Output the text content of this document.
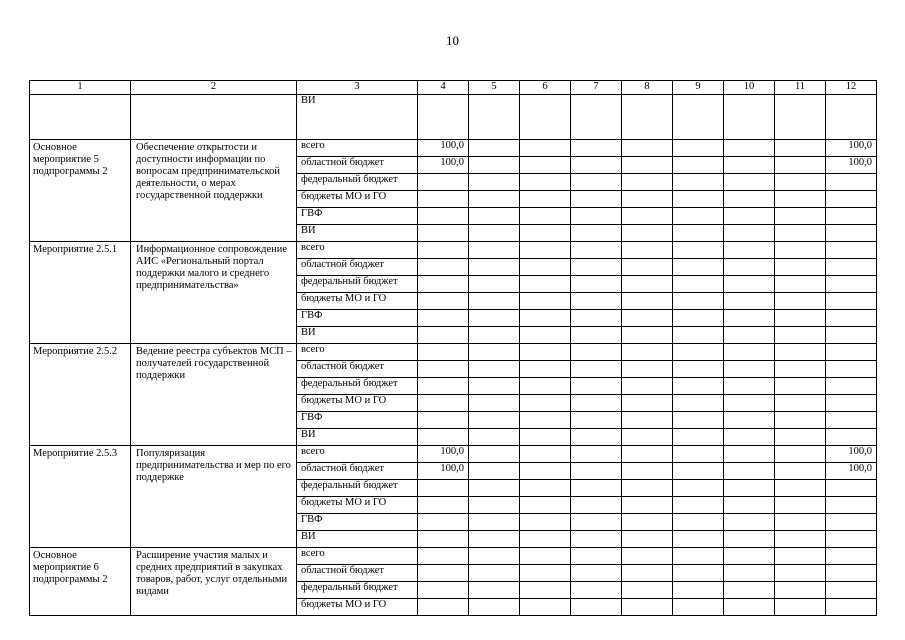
10
1	2	3	4	5	6	7	8	9	10	11	12
		ВИ									
Основное мероприятие 5 подпрограммы 2	Обеспечение открытости и доступности информации по вопросам предпринимательской деятельности, о мерах государственной поддержки	всего	100,0								100,0
		областной бюджет	100,0								100,0
		федеральный бюджет									
		бюджеты МО и ГО									
		ГВФ									
		ВИ									
Мероприятие 2.5.1	Информационное сопровождение АИС «Региональный портал поддержки малого и среднего предпринимательства»	всего									
		областной бюджет									
		федеральный бюджет									
		бюджеты МО и ГО									
		ГВФ									
		ВИ									
Мероприятие 2.5.2	Ведение реестра субъектов МСП – получателей государственной поддержки	всего									
		областной бюджет									
		федеральный бюджет									
		бюджеты МО и ГО									
		ГВФ									
		ВИ									
Мероприятие 2.5.3	Популяризация предпринимательства и мер по его поддержке	всего	100,0								100,0
		областной бюджет	100,0								100,0
		федеральный бюджет									
		бюджеты МО и ГО									
		ГВФ									
		ВИ									
Основное мероприятие 6 подпрограммы 2	Расширение участия малых и средних предприятий в закупках товаров, работ, услуг отдельными видами	всего									
		областной бюджет									
		федеральный бюджет									
		бюджеты МО и ГО									
